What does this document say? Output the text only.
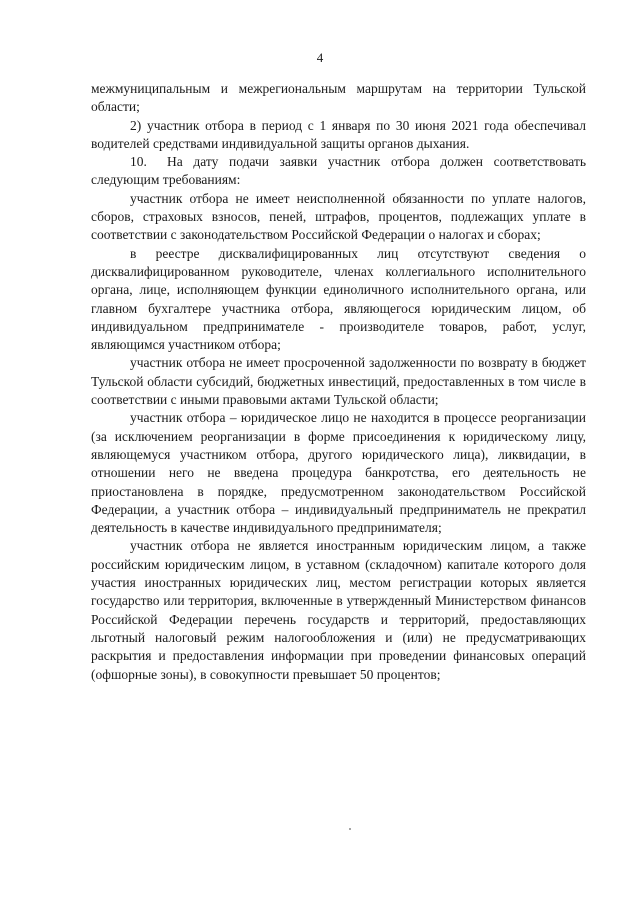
4

межмуниципальным и межрегиональным маршрутам на территории Тульской области;

2) участник отбора в период с 1 января по 30 июня 2021 года обеспечивал водителей средствами индивидуальной защиты органов дыхания.

10. На дату подачи заявки участник отбора должен соответствовать следующим требованиям:

участник отбора не имеет неисполненной обязанности по уплате налогов, сборов, страховых взносов, пеней, штрафов, процентов, подлежащих уплате в соответствии с законодательством Российской Федерации о налогах и сборах;

в реестре дисквалифицированных лиц отсутствуют сведения о дисквалифицированном руководителе, членах коллегиального исполнительного органа, лице, исполняющем функции единоличного исполнительного органа, или главном бухгалтере участника отбора, являющегося юридическим лицом, об индивидуальном предпринимателе - производителе товаров, работ, услуг, являющимся участником отбора;

участник отбора не имеет просроченной задолженности по возврату в бюджет Тульской области субсидий, бюджетных инвестиций, предоставленных в том числе в соответствии с иными правовыми актами Тульской области;

участник отбора – юридическое лицо не находится в процессе реорганизации (за исключением реорганизации в форме присоединения к юридическому лицу, являющемуся участником отбора, другого юридического лица), ликвидации, в отношении него не введена процедура банкротства, его деятельность не приостановлена в порядке, предусмотренном законодательством Российской Федерации, а участник отбора – индивидуальный предприниматель не прекратил деятельность в качестве индивидуального предпринимателя;

участник отбора не является иностранным юридическим лицом, а также российским юридическим лицом, в уставном (складочном) капитале которого доля участия иностранных юридических лиц, местом регистрации которых является государство или территория, включенные в утвержденный Министерством финансов Российской Федерации перечень государств и территорий, предоставляющих льготный налоговый режим налогообложения и (или) не предусматривающих раскрытия и предоставления информации при проведении финансовых операций (офшорные зоны), в совокупности превышает 50 процентов;
